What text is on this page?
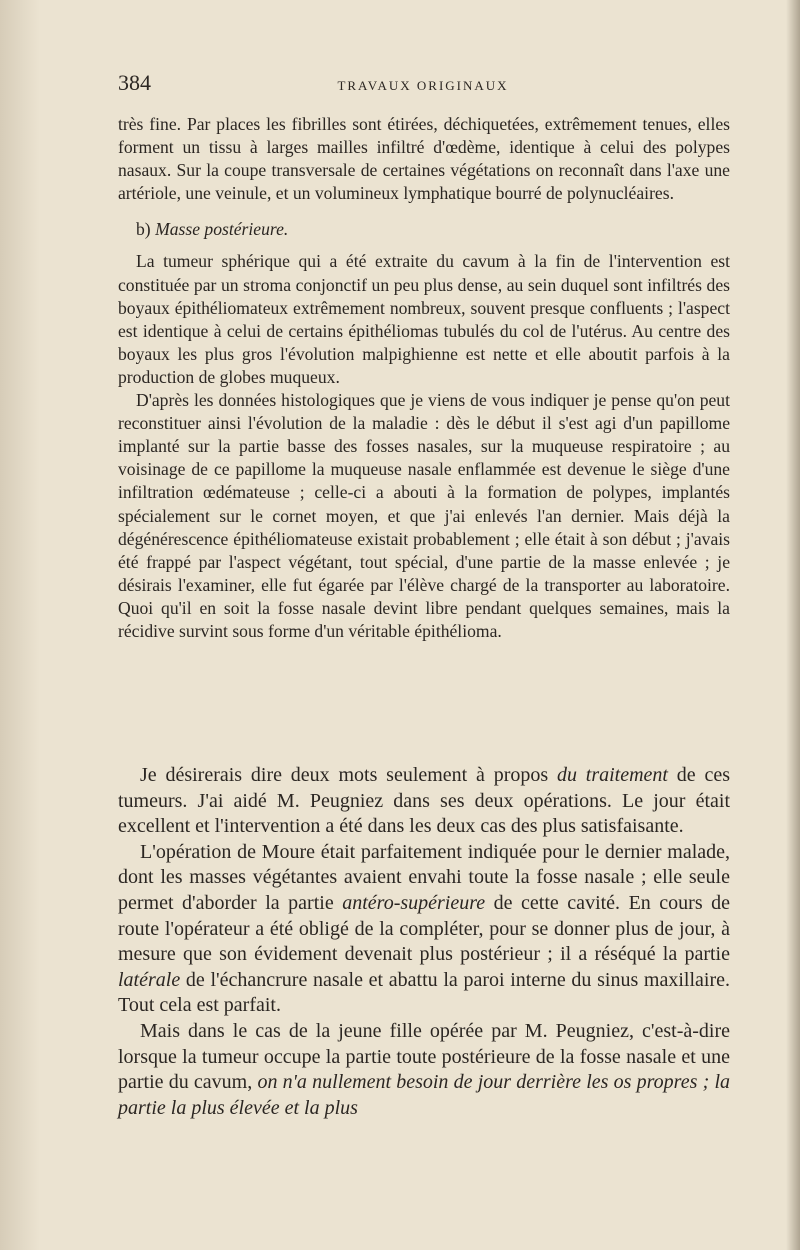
384	TRAVAUX ORIGINAUX

très fine. Par places les fibrilles sont étirées, déchiquetées, extrêmement tenues, elles forment un tissu à larges mailles infiltré d'œdème, identique à celui des polypes nasaux. Sur la coupe transversale de certaines végétations on reconnaît dans l'axe une artériole, une veinule, et un volumineux lymphatique bourré de polynucléaires.

b) Masse postérieure.

La tumeur sphérique qui a été extraite du cavum à la fin de l'intervention est constituée par un stroma conjonctif un peu plus dense, au sein duquel sont infiltrés des boyaux épithéliomateux extrêmement nombreux, souvent presque confluents ; l'aspect est identique à celui de certains épithéliomas tubulés du col de l'utérus. Au centre des boyaux les plus gros l'évolution malpighienne est nette et elle aboutit parfois à la production de globes muqueux.

D'après les données histologiques que je viens de vous indiquer je pense qu'on peut reconstituer ainsi l'évolution de la maladie : dès le début il s'est agi d'un papillome implanté sur la partie basse des fosses nasales, sur la muqueuse respiratoire ; au voisinage de ce papillome la muqueuse nasale enflammée est devenue le siège d'une infiltration œdémateuse ; celle-ci a abouti à la formation de polypes, implantés spécialement sur le cornet moyen, et que j'ai enlevés l'an dernier. Mais déjà la dégénérescence épithéliomateuse existait probablement ; elle était à son début ; j'avais été frappé par l'aspect végétant, tout spécial, d'une partie de la masse enlevée ; je désirais l'examiner, elle fut égarée par l'élève chargé de la transporter au laboratoire. Quoi qu'il en soit la fosse nasale devint libre pendant quelques semaines, mais la récidive survint sous forme d'un véritable épithélioma.

Je désirerais dire deux mots seulement à propos du traitement de ces tumeurs. J'ai aidé M. Peugniez dans ses deux opérations. Le jour était excellent et l'intervention a été dans les deux cas des plus satisfaisante.

L'opération de Moure était parfaitement indiquée pour le dernier malade, dont les masses végétantes avaient envahi toute la fosse nasale ; elle seule permet d'aborder la partie antéro-supérieure de cette cavité. En cours de route l'opérateur a été obligé de la compléter, pour se donner plus de jour, à mesure que son évidement devenait plus postérieur ; il a réséqué la partie latérale de l'échancrure nasale et abattu la paroi interne du sinus maxillaire. Tout cela est parfait.

Mais dans le cas de la jeune fille opérée par M. Peugniez, c'est-à-dire lorsque la tumeur occupe la partie toute postérieure de la fosse nasale et une partie du cavum, on n'a nullement besoin de jour derrière les os propres ; la partie la plus élevée et la plus
